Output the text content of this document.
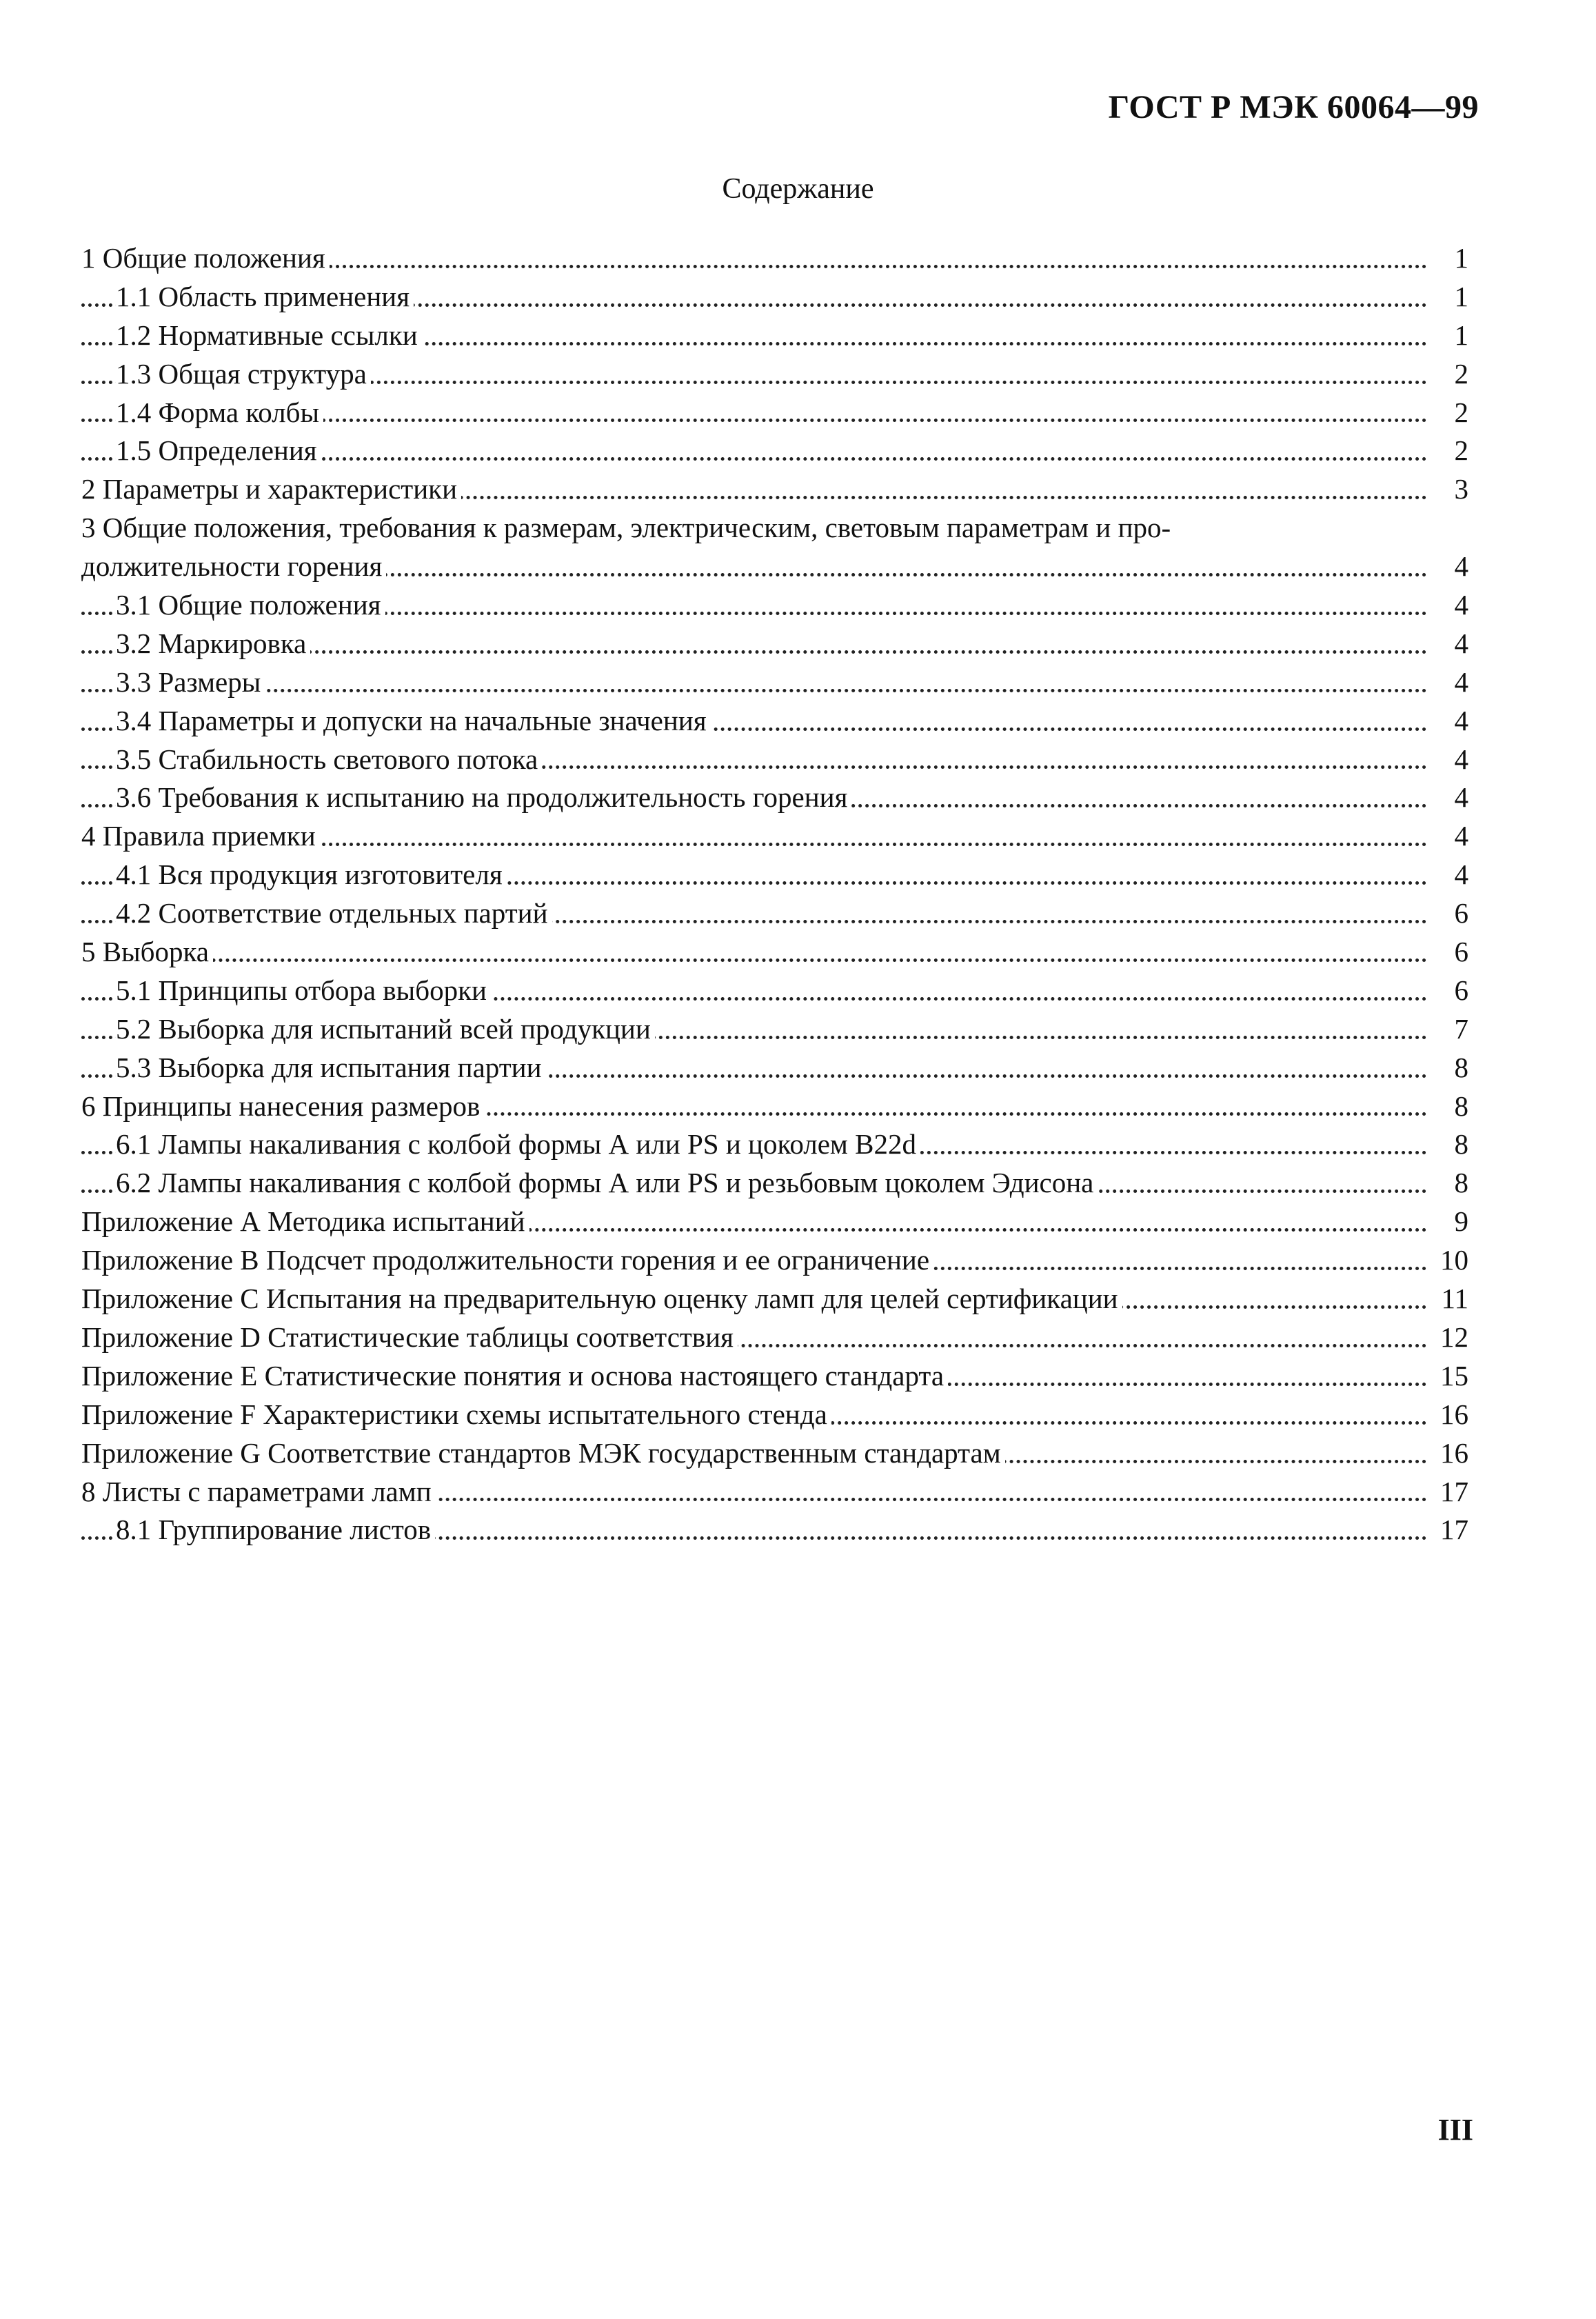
ГОСТ Р МЭК 60064—99
Содержание
1 Общие положения	1
1.1 Область применения	1
1.2 Нормативные ссылки	1
1.3 Общая структура	2
1.4 Форма колбы	2
1.5 Определения	2
2 Параметры и характеристики	3
3 Общие положения, требования к размерам, электрическим, световым параметрам и про-
должительности горения	4
3.1 Общие положения	4
3.2 Маркировка	4
3.3 Размеры	4
3.4 Параметры и допуски на начальные значения	4
3.5 Стабильность светового потока	4
3.6 Требования к испытанию на продолжительность горения	4
4 Правила приемки	4
4.1 Вся продукция изготовителя	4
4.2 Соответствие отдельных партий	6
5 Выборка	6
5.1 Принципы отбора выборки	6
5.2 Выборка для испытаний всей продукции	7
5.3 Выборка для испытания партии	8
6 Принципы нанесения размеров	8
6.1 Лампы накаливания с колбой формы А или PS и цоколем B22d	8
6.2 Лампы накаливания с колбой формы А или PS и резьбовым цоколем Эдисона	8
Приложение А Методика испытаний	9
Приложение В Подсчет продолжительности горения и ее ограничение	10
Приложение С Испытания на предварительную оценку ламп для целей сертификации	11
Приложение D Статистические таблицы соответствия	12
Приложение Е Статистические понятия и основа настоящего стандарта	15
Приложение F Характеристики схемы испытательного стенда	16
Приложение G Соответствие стандартов МЭК государственным стандартам	16
8 Листы с параметрами ламп	17
8.1 Группирование листов	17
III
